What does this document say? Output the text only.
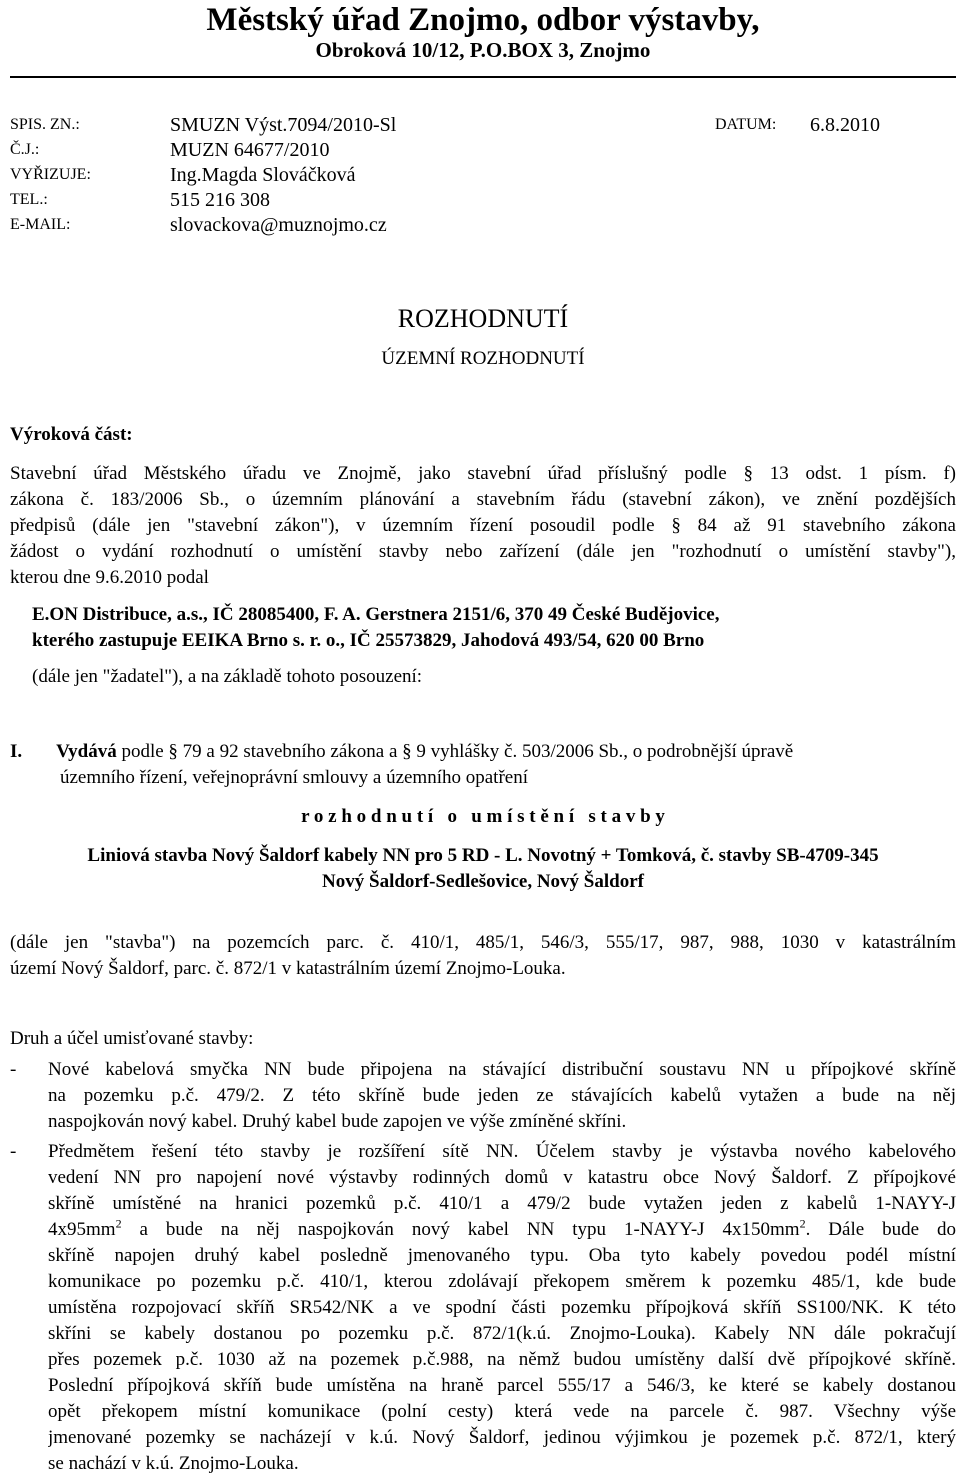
Městský úřad Znojmo, odbor výstavby,
Obroková 10/12, P.O.BOX 3, Znojmo
SPIS. ZN.:	SMUZN Výst.7094/2010-Sl	DATUM: 6.8.2010
Č.J.:	MUZN 64677/2010
VYŘIZUJE:	Ing.Magda Slováčková
TEL.:	515 216 308
E-MAIL:	slovackova@muznojmo.cz
ROZHODNUTÍ
ÚZEMNÍ ROZHODNUTÍ
Výroková část:
Stavební úřad Městského úřadu ve Znojmě, jako stavební úřad příslušný podle § 13 odst. 1 písm. f)
zákona č. 183/2006 Sb., o územním plánování a stavebním řádu (stavební zákon), ve znění pozdějších
předpisů (dále jen "stavební zákon"), v územním řízení posoudil podle § 84 až 91 stavebního zákona
žádost o vydání rozhodnutí o umístění stavby nebo zařízení (dále jen "rozhodnutí o umístění stavby"),
kterou dne 9.6.2010 podal
E.ON Distribuce, a.s., IČ 28085400, F. A. Gerstnera 2151/6, 370 49 České Budějovice,
kterého zastupuje EEIKA Brno s. r. o., IČ 25573829, Jahodová 493/54, 620 00 Brno
(dále jen "žadatel"), a na základě tohoto posouzení:
I. Vydává podle § 79 a 92 stavebního zákona a § 9 vyhlášky č. 503/2006 Sb., o podrobnější úpravě
územního řízení, veřejnoprávní smlouvy a územního opatření
r o z h o d n u t í   o   u m í s t ě n í   s t a v b y
Liniová stavba Nový Šaldorf kabely NN pro 5 RD - L. Novotný + Tomková, č. stavby SB-4709-345
Nový Šaldorf-Sedlešovice, Nový Šaldorf
(dále jen "stavba") na pozemcích parc. č. 410/1, 485/1, 546/3, 555/17, 987, 988, 1030 v katastrálním
území Nový Šaldorf, parc. č. 872/1 v katastrálním území Znojmo-Louka.
Druh a účel umisťované stavby:
-	Nové kabelová smyčka NN bude připojena na stávající distribuční soustavu NN u přípojkové skříně
na pozemku p.č. 479/2. Z této skříně bude jeden ze stávajících kabelů vytažen a bude na něj
naspojkován nový kabel. Druhý kabel bude zapojen ve výše zmíněné skříni.
-	Předmětem řešení této stavby je rozšíření sítě NN. Účelem stavby je výstavba nového kabelového
vedení NN pro napojení nové výstavby rodinných domů v katastru obce Nový Šaldorf. Z přípojkové
skříně umístěné na hranici pozemků p.č. 410/1 a 479/2 bude vytažen jeden z kabelů 1-NAYY-J
$4x95mm^2$ a bude na něj naspojkován nový kabel NN typu 1-NAYY-J $4x150mm^2$. Dále bude do
skříně napojen druhý kabel posledně jmenovaného typu. Oba tyto kabely povedou podél místní
komunikace po pozemku p.č. 410/1, kterou zdolávají překopem směrem k pozemku 485/1, kde bude
umístěna rozpojovací skříň SR542/NK a ve spodní části pozemku přípojková skříň SS100/NK. K této
skříni se kabely dostanou po pozemku p.č. 872/1(k.ú. Znojmo-Louka). Kabely NN dále pokračují
přes pozemek p.č. 1030 až na pozemek p.č.988, na němž budou umístěny další dvě přípojkové skříně.
Poslední přípojková skříň bude umístěna na hraně parcel 555/17 a 546/3, ke které se kabely dostanou
opět překopem místní komunikace (polní cesty) která vede na parcele č. 987. Všechny výše
jmenované pozemky se nacházejí v k.ú. Nový Šaldorf, jedinou výjimkou je pozemek p.č. 872/1, který
se nachází v k.ú. Znojmo-Louka.
